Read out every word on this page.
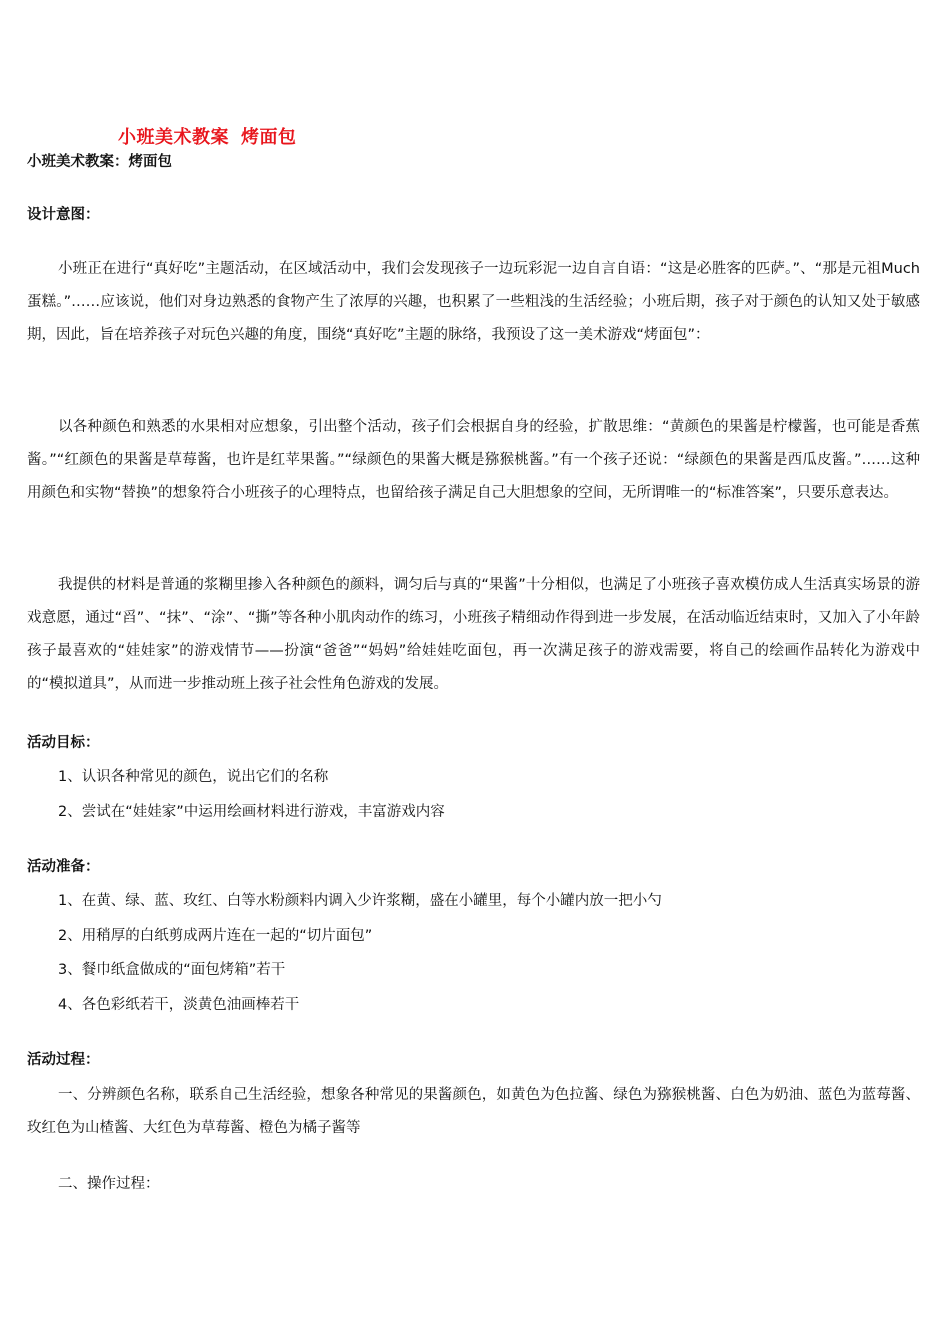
小班美术教案 烤面包
小班美术教案：烤面包
设计意图：
小班正在进行“真好吃”主题活动，在区域活动中，我们会发现孩子一边玩彩泥一边自言自语：“这是必胜客的匹萨。”、“那是元祖Much蛋糕。”……应该说，他们对身边熟悉的食物产生了浓厚的兴趣，也积累了一些粗浅的生活经验；小班后期，孩子对于颜色的认知又处于敏感期，因此，旨在培养孩子对玩色兴趣的角度，围绕“真好吃”主题的脉络，我预设了这一美术游戏“烤面包”：
以各种颜色和熟悉的水果相对应想象，引出整个活动，孩子们会根据自身的经验，扩散思维：“黄颜色的果酱是柠檬酱，也可能是香蕉酱。”“红颜色的果酱是草莓酱，也许是红苹果酱。”“绿颜色的果酱大概是猕猴桃酱。”有一个孩子还说：“绿颜色的果酱是西瓜皮酱。”……这种用颜色和实物“替换”的想象符合小班孩子的心理特点，也留给孩子满足自己大胆想象的空间，无所谓唯一的“标准答案”，只要乐意表达。
我提供的材料是普通的浆糊里掺入各种颜色的颜料，调匀后与真的“果酱”十分相似，也满足了小班孩子喜欢模仿成人生活真实场景的游戏意愿，通过“舀”、“抹”、“涂”、“撕”等各种小肌肉动作的练习，小班孩子精细动作得到进一步发展，在活动临近结束时，又加入了小年龄孩子最喜欢的“娃娃家”的游戏情节——扮演“爸爸”“妈妈”给娃娃吃面包，再一次满足孩子的游戏需要，将自己的绘画作品转化为游戏中的“模拟道具”，从而进一步推动班上孩子社会性角色游戏的发展。
活动目标：
1、认识各种常见的颜色，说出它们的名称
2、尝试在“娃娃家”中运用绘画材料进行游戏，丰富游戏内容
活动准备：
1、在黄、绿、蓝、玫红、白等水粉颜料内调入少许浆糊，盛在小罐里，每个小罐内放一把小勺
2、用稍厚的白纸剪成两片连在一起的“切片面包”
3、餐巾纸盒做成的“面包烤箱”若干
4、各色彩纸若干，淡黄色油画棒若干
活动过程：
一、分辨颜色名称，联系自己生活经验，想象各种常见的果酱颜色，如黄色为色拉酱、绿色为猕猴桃酱、白色为奶油、蓝色为蓝莓酱、玫红色为山楂酱、大红色为草莓酱、橙色为橘子酱等
二、操作过程：
